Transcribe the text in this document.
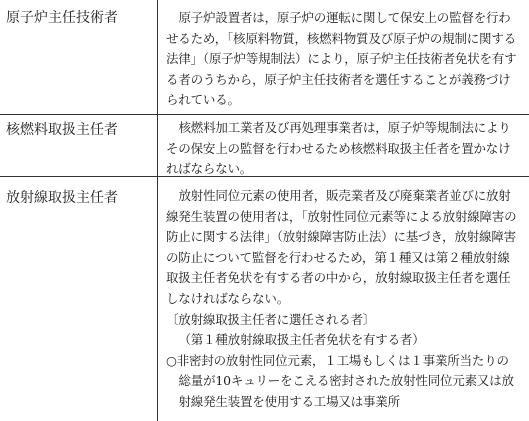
原子炉主任技術者	原子炉設置者は，原子炉の運転に関して保安上の監督を行わせるため，「核原料物質，核燃料物質及び原子炉の規制に関する法律」（原子炉等規制法）により，原子炉主任技術者免状を有する者のうちから，原子炉主任技術者を選任することが義務づけられている。

核燃料取扱主任者	核燃料加工業者及び再処理事業者は，原子炉等規制法によりその保安上の監督を行わせるため核燃料取扱主任者を置かなければならない。

放射線取扱主任者	放射性同位元素の使用者，販売業者及び廃棄業者並びに放射線発生装置の使用者は，「放射性同位元素等による放射線障害の防止に関する法律」（放射線障害防止法）に基づき，放射線障害の防止について監督を行わせるため，第１種又は第２種放射線取扱主任者免状を有する者の中から，放射線取扱主任者を選任しなければならない。

〔放射線取扱主任者に選任される者〕

（第１種放射線取扱主任者免状を有する者）

○非密封の放射性同位元素，１工場もしくは１事業所当たりの総量が10キュリーをこえる密封された放射性同位元素又は放射線発生装置を使用する工場又は事業所
